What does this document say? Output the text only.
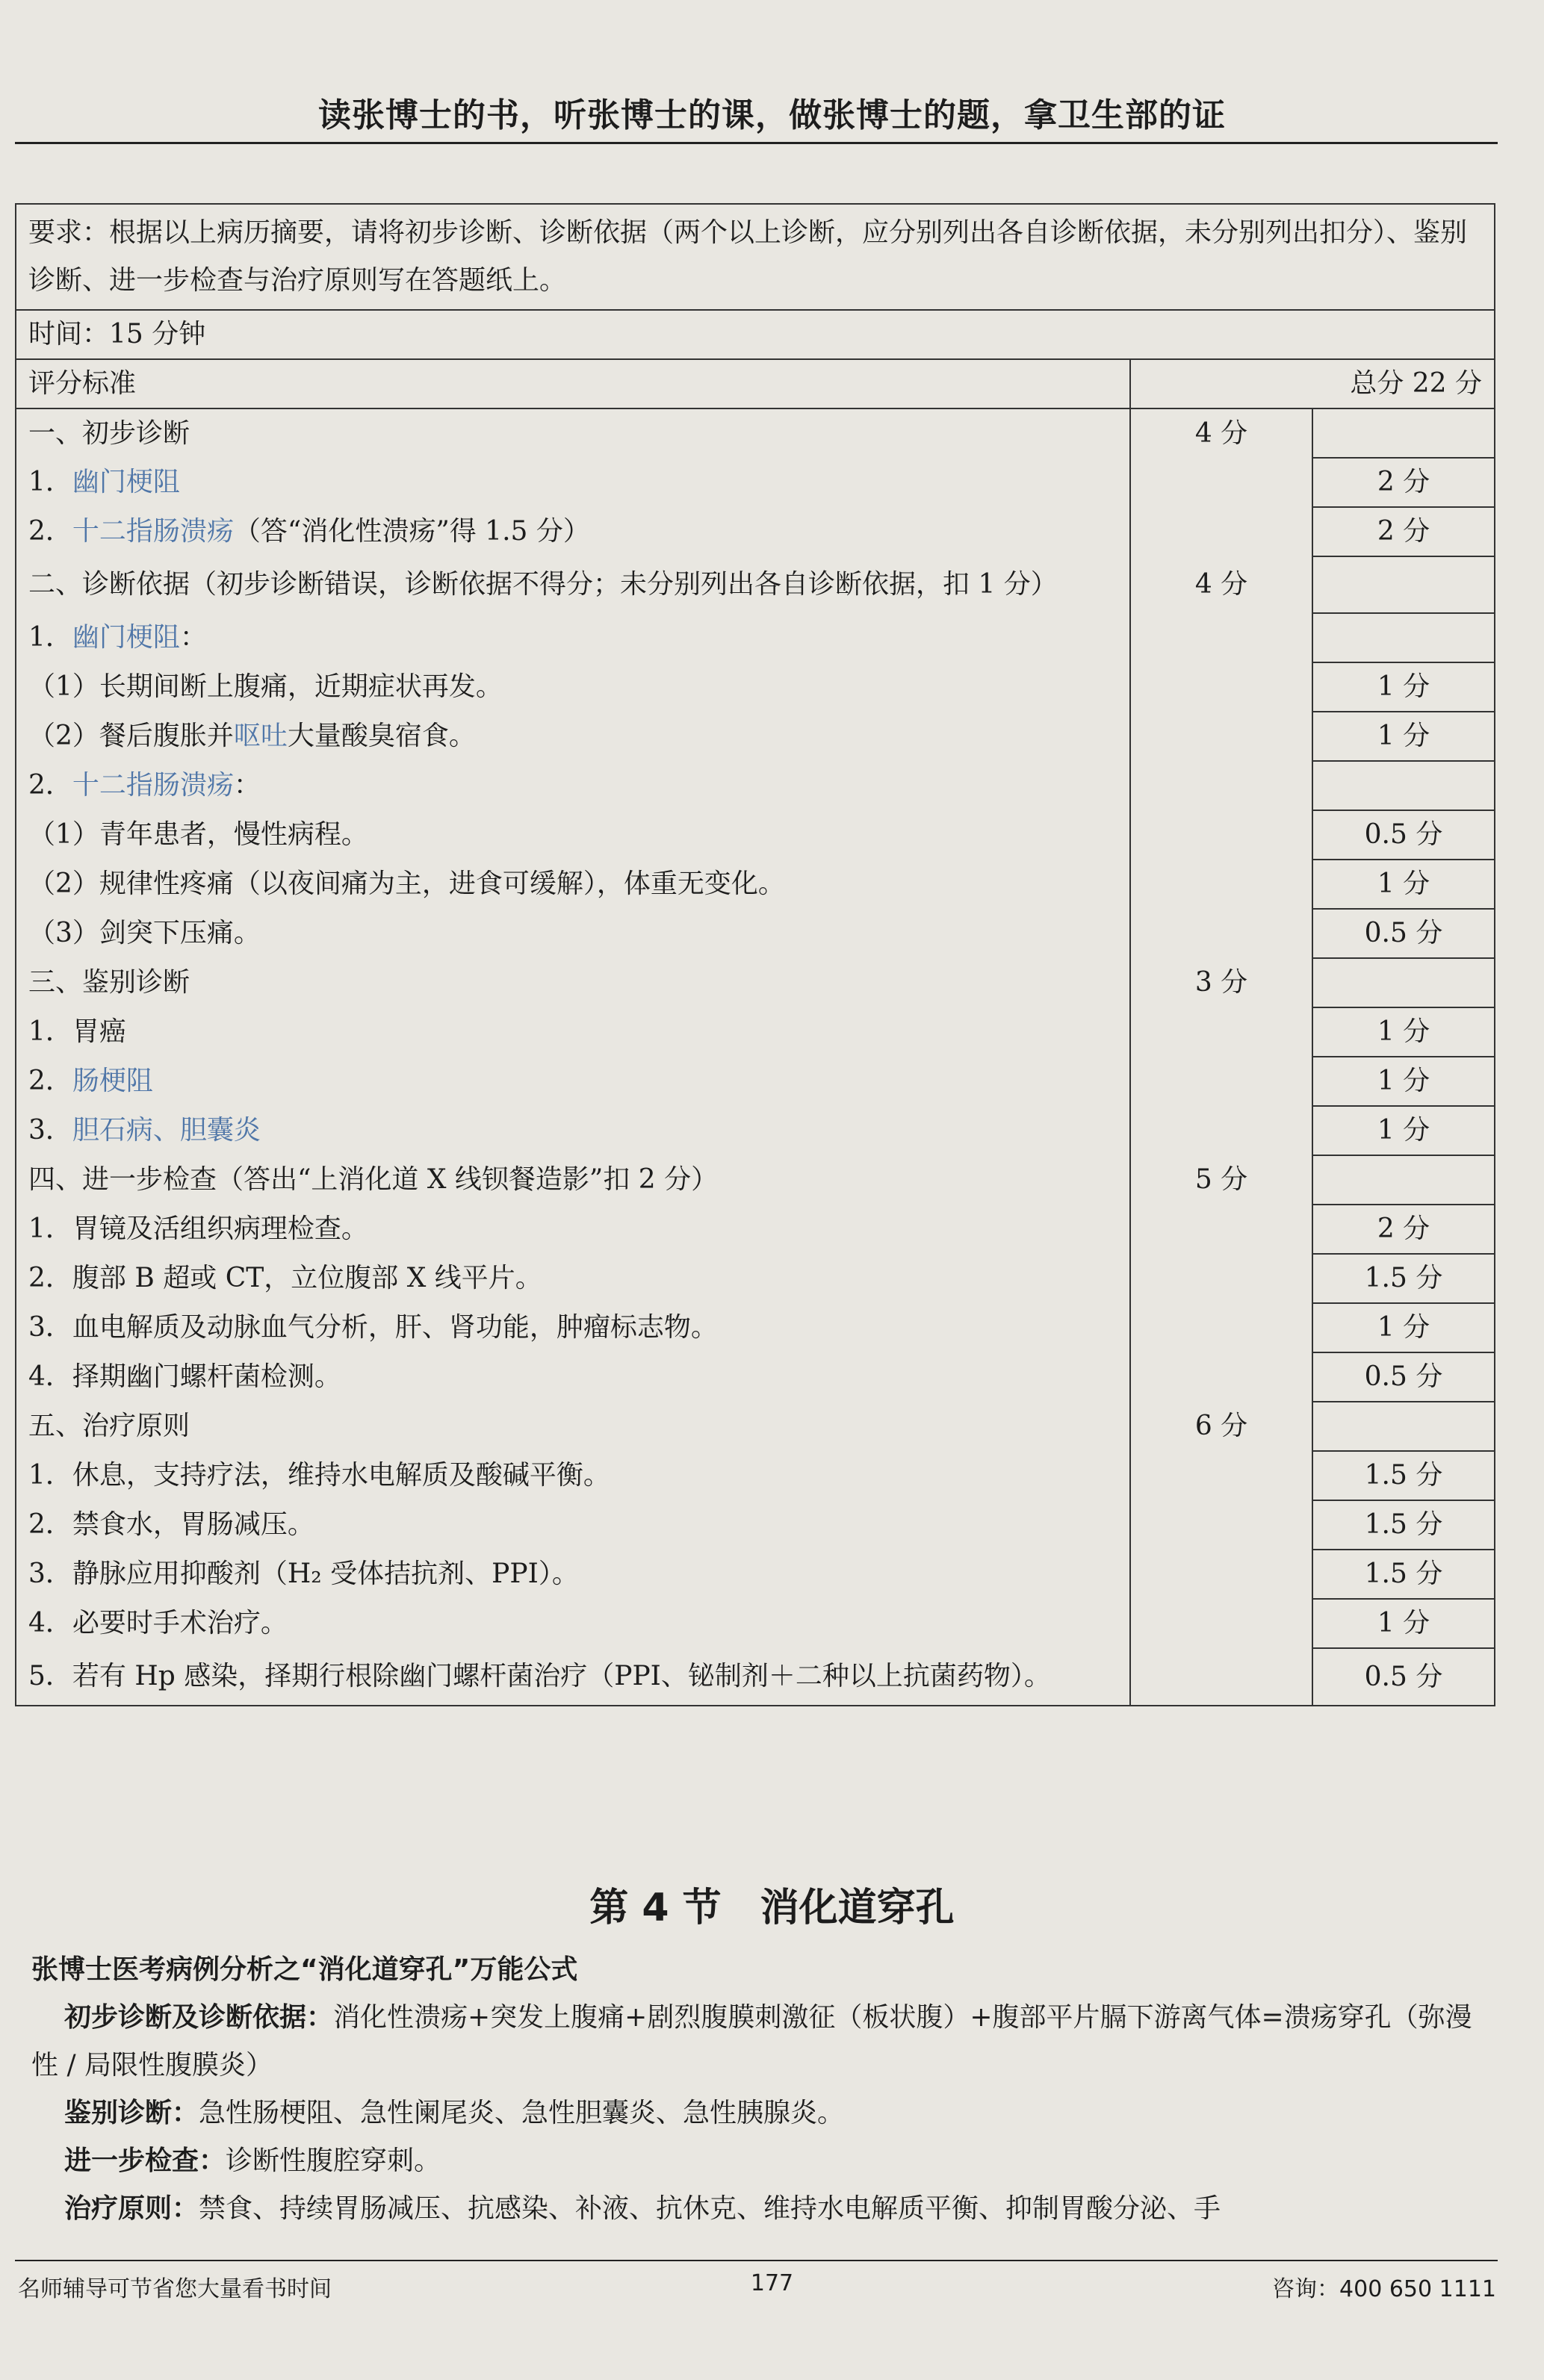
读张博士的书，听张博士的课，做张博士的题，拿卫生部的证
要求：根据以上病历摘要，请将初步诊断、诊断依据（两个以上诊断，应分别列出各自诊断依据，未分别列出扣分）、鉴别诊断、进一步检查与治疗原则写在答题纸上。		
时间：15 分钟		
评分标准	总分 22 分	
一、初步诊断	4 分	
1．幽门梗阻		2 分
2．十二指肠溃疡（答“消化性溃疡”得 1.5 分）		2 分
二、诊断依据（初步诊断错误，诊断依据不得分；未分别列出各自诊断依据，扣 1 分）	4 分	
1．幽门梗阻：		
（1）长期间断上腹痛，近期症状再发。		1 分
（2）餐后腹胀并呕吐大量酸臭宿食。		1 分
2．十二指肠溃疡：		
（1）青年患者，慢性病程。		0.5 分
（2）规律性疼痛（以夜间痛为主，进食可缓解），体重无变化。		1 分
（3）剑突下压痛。		0.5 分
三、鉴别诊断	3 分	
1．胃癌		1 分
2．肠梗阻		1 分
3．胆石病、胆囊炎		1 分
四、进一步检查（答出“上消化道 X 线钡餐造影”扣 2 分）	5 分	
1．胃镜及活组织病理检查。		2 分
2．腹部 B 超或 CT，立位腹部 X 线平片。		1.5 分
3．血电解质及动脉血气分析，肝、肾功能，肿瘤标志物。		1 分
4．择期幽门螺杆菌检测。		0.5 分
五、治疗原则	6 分	
1．休息，支持疗法，维持水电解质及酸碱平衡。		1.5 分
2．禁食水，胃肠减压。		1.5 分
3．静脉应用抑酸剂（H₂ 受体拮抗剂、PPI）。		1.5 分
4．必要时手术治疗。		1 分
5．若有 Hp 感染，择期行根除幽门螺杆菌治疗（PPI、铋制剂＋二种以上抗菌药物）。		0.5 分
第 4 节　消化道穿孔
张博士医考病例分析之“消化道穿孔”万能公式
初步诊断及诊断依据：消化性溃疡+突发上腹痛+剧烈腹膜刺激征（板状腹）+腹部平片膈下游离气体=溃疡穿孔（弥漫性 / 局限性腹膜炎）
鉴别诊断：急性肠梗阻、急性阑尾炎、急性胆囊炎、急性胰腺炎。
进一步检查：诊断性腹腔穿刺。
治疗原则：禁食、持续胃肠减压、抗感染、补液、抗休克、维持水电解质平衡、抑制胃酸分泌、手
名师辅导可节省您大量看书时间	177	咨询：400 650 1111
